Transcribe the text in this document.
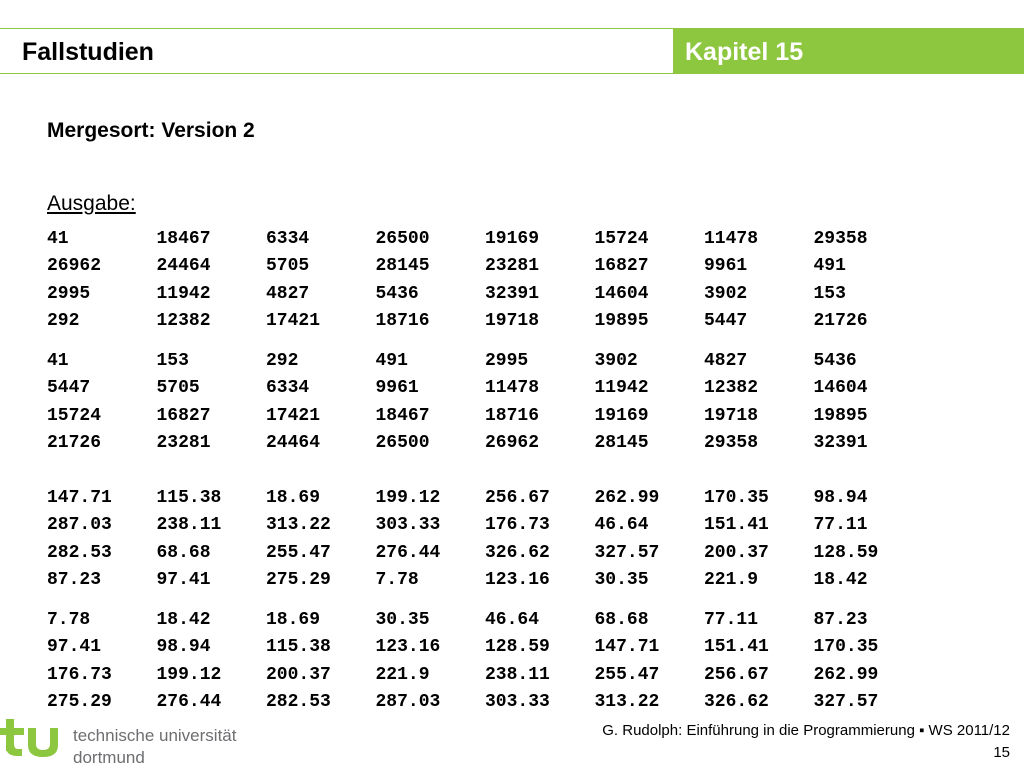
Fallstudien	Kapitel 15
Mergesort: Version 2
Ausgabe:
41	18467	6334	26500	19169	15724	11478	29358
26962	24464	5705	28145	23281	16827	9961	491
2995	11942	4827	5436	32391	14604	3902	153
292	12382	17421	18716	19718	19895	5447	21726
41	153	292	491	2995	3902	4827	5436
5447	5705	6334	9961	11478	11942	12382	14604
15724	16827	17421	18467	18716	19169	19718	19895
21726	23281	24464	26500	26962	28145	29358	32391
147.71	115.38	18.69	199.12	256.67	262.99	170.35	98.94
287.03	238.11	313.22	303.33	176.73	46.64	151.41	77.11
282.53	68.68	255.47	276.44	326.62	327.57	200.37	128.59
87.23	97.41	275.29	7.78	123.16	30.35	221.9	18.42
7.78	18.42	18.69	30.35	46.64	68.68	77.11	87.23
97.41	98.94	115.38	123.16	128.59	147.71	151.41	170.35
176.73	199.12	200.37	221.9	238.11	255.47	256.67	262.99
275.29	276.44	282.53	287.03	303.33	313.22	326.62	327.57
technische universität
dortmund
G. Rudolph: Einführung in die Programmierung ▪ WS 2011/12
15
